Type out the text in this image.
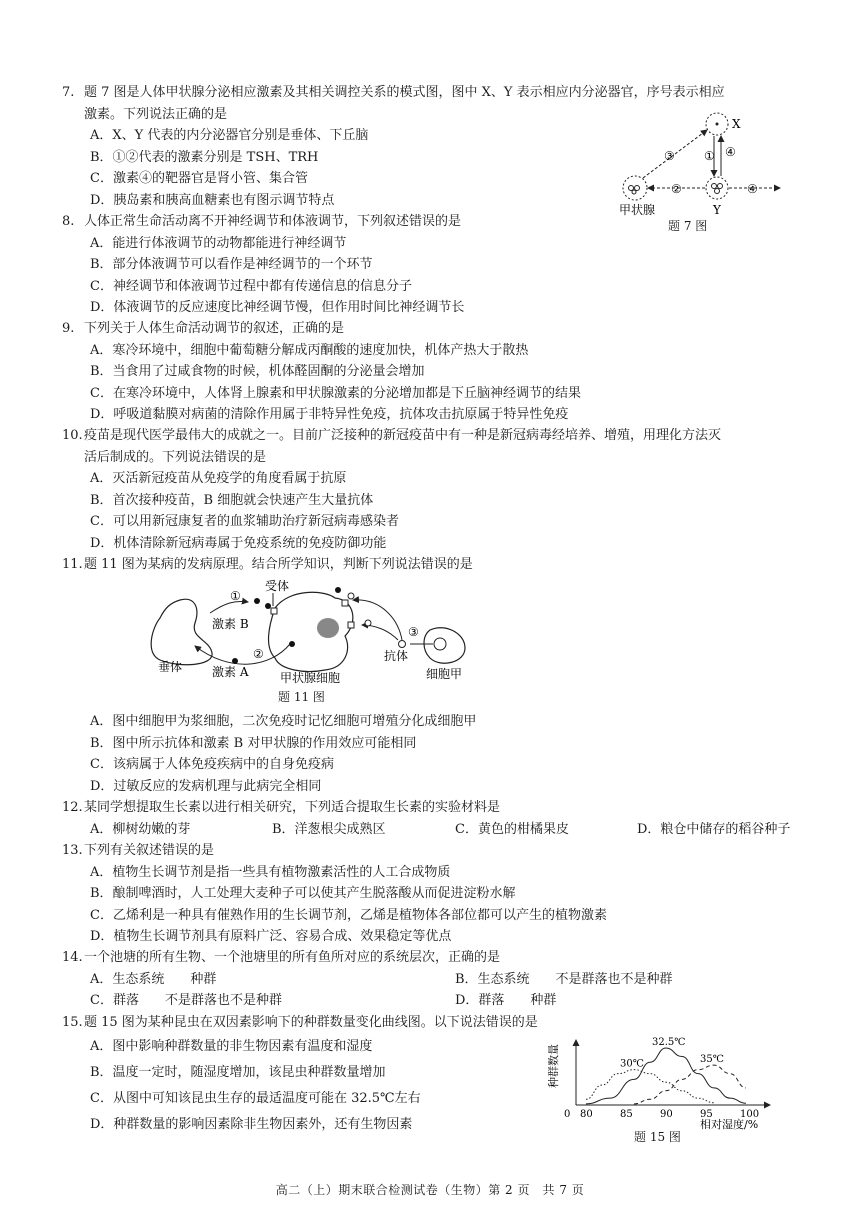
7. 题 7 图是人体甲状腺分泌相应激素及其相关调控关系的模式图，图中 X、Y 表示相应内分泌器官，序号表示相应
激素。下列说法正确的是
A．X、Y 代表的内分泌器官分别是垂体、下丘脑
B．①②代表的激素分别是 TSH、TRH
C．激素④的靶器官是肾小管、集合管
D．胰岛素和胰高血糖素也有图示调节特点
X
Y
甲状腺
③ ① ④
②	④
题 7 图
8. 人体正常生命活动离不开神经调节和体液调节，下列叙述错误的是
A．能进行体液调节的动物都能进行神经调节
B．部分体液调节可以看作是神经调节的一个环节
C．神经调节和体液调节过程中都有传递信息的信息分子
D．体液调节的反应速度比神经调节慢，但作用时间比神经调节长
9. 下列关于人体生命活动调节的叙述，正确的是
A．寒冷环境中，细胞中葡萄糖分解成丙酮酸的速度加快，机体产热大于散热
B．当食用了过咸食物的时候，机体醛固酮的分泌量会增加
C．在寒冷环境中，人体肾上腺素和甲状腺激素的分泌增加都是下丘脑神经调节的结果
D．呼吸道黏膜对病菌的清除作用属于非特异性免疫，抗体攻击抗原属于特异性免疫
10.疫苗是现代医学最伟大的成就之一。目前广泛接种的新冠疫苗中有一种是新冠病毒经培养、增殖，用理化方法灭
活后制成的。下列说法错误的是
A．灭活新冠疫苗从免疫学的角度看属于抗原
B．首次接种疫苗，B 细胞就会快速产生大量抗体
C．可以用新冠康复者的血浆辅助治疗新冠病毒感染者
D．机体清除新冠病毒属于免疫系统的免疫防御功能
11.题 11 图为某病的发病原理。结合所学知识，判断下列说法错误的是
垂体
甲状腺细胞
受体
①
激素 B
②
激素 A
抗体
③
细胞甲
题 11 图
A．图中细胞甲为浆细胞，二次免疫时记忆细胞可增殖分化成细胞甲
B．图中所示抗体和激素 B 对甲状腺的作用效应可能相同
C．该病属于人体免疫疾病中的自身免疫病
D．过敏反应的发病机理与此病完全相同
12.某同学想提取生长素以进行相关研究，下列适合提取生长素的实验材料是
A．柳树幼嫩的芽	B．洋葱根尖成熟区	C．黄色的柑橘果皮	D．粮仓中储存的稻谷种子
13.下列有关叙述错误的是
A．植物生长调节剂是指一些具有植物激素活性的人工合成物质
B．酿制啤酒时，人工处理大麦种子可以使其产生脱落酸从而促进淀粉水解
C．乙烯利是一种具有催熟作用的生长调节剂，乙烯是植物体各部位都可以产生的植物激素
D．植物生长调节剂具有原料广泛、容易合成、效果稳定等优点
14.一个池塘的所有生物、一个池塘里的所有鱼所对应的系统层次，正确的是
A．生态系统　　种群	B．生态系统　　不是群落也不是种群
C．群落　　不是群落也不是种群	D．群落　　种群
15.题 15 图为某种昆虫在双因素影响下的种群数量变化曲线图。以下说法错误的是
A．图中影响种群数量的非生物因素有温度和湿度
B．温度一定时，随湿度增加，该昆虫种群数量增加
C．从图中可知该昆虫生存的最适温度可能在 32.5℃左右
D．种群数量的影响因素除非生物因素外，还有生物因素
种群数量
相对湿度/%
0 80	85	90	95	100
30℃
32.5℃
35℃
题 15 图
高二（上）期末联合检测试卷（生物）第 2 页　共 7 页
